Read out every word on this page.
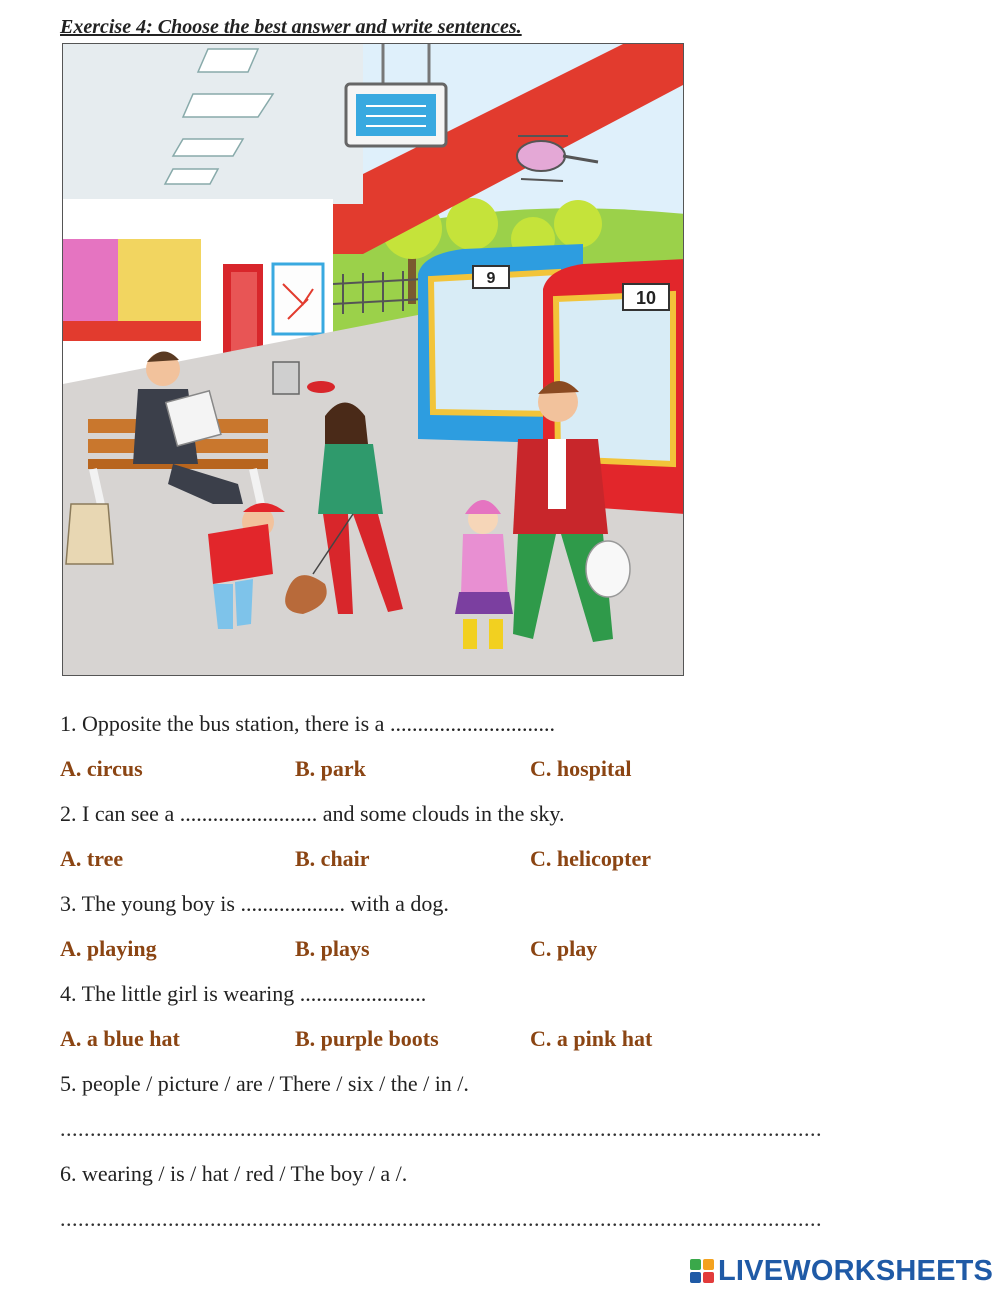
Exercise 4: Choose the best answer and write sentences.
9
10
1. Opposite the bus station, there is a ..............................
A. circus	B. park	C. hospital
2. I can see a ......................... and some clouds in the sky.
A. tree	B. chair	C. helicopter
3. The young boy is ................... with a dog.
A. playing	B. plays	C. play
4. The little girl is wearing .......................
A. a blue hat	B. purple boots	C. a pink hat
5. people / picture / are / There / six / the / in /.
...............................................................................................................................
6. wearing / is / hat / red / The boy / a /.
...............................................................................................................................
LIVEWORKSHEETS
